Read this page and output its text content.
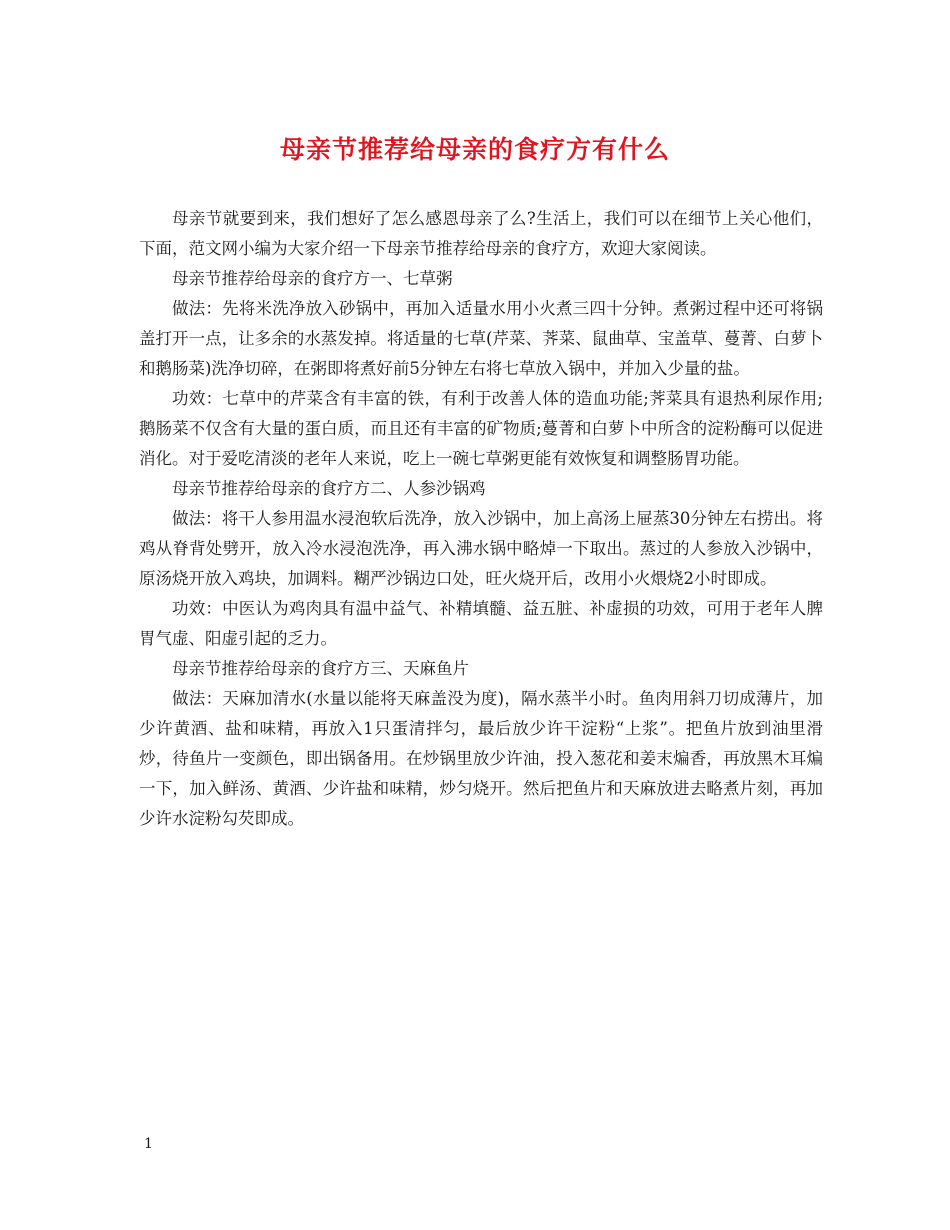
母亲节推荐给母亲的食疗方有什么

母亲节就要到来，我们想好了怎么感恩母亲了么?生活上，我们可以在细节上关心他们，下面，范文网小编为大家介绍一下母亲节推荐给母亲的食疗方，欢迎大家阅读。

母亲节推荐给母亲的食疗方一、七草粥

做法：先将米洗净放入砂锅中，再加入适量水用小火煮三四十分钟。煮粥过程中还可将锅盖打开一点，让多余的水蒸发掉。将适量的七草(芹菜、荠菜、鼠曲草、宝盖草、蔓菁、白萝卜和鹅肠菜)洗净切碎，在粥即将煮好前5分钟左右将七草放入锅中，并加入少量的盐。

功效：七草中的芹菜含有丰富的铁，有利于改善人体的造血功能;荠菜具有退热利尿作用;鹅肠菜不仅含有大量的蛋白质，而且还有丰富的矿物质;蔓菁和白萝卜中所含的淀粉酶可以促进消化。对于爱吃清淡的老年人来说，吃上一碗七草粥更能有效恢复和调整肠胃功能。

母亲节推荐给母亲的食疗方二、人参沙锅鸡

做法：将干人参用温水浸泡软后洗净，放入沙锅中，加上高汤上屉蒸30分钟左右捞出。将鸡从脊背处劈开，放入冷水浸泡洗净，再入沸水锅中略焯一下取出。蒸过的人参放入沙锅中，原汤烧开放入鸡块，加调料。糊严沙锅边口处，旺火烧开后，改用小火煨烧2小时即成。

功效：中医认为鸡肉具有温中益气、补精填髓、益五脏、补虚损的功效，可用于老年人脾胃气虚、阳虚引起的乏力。

母亲节推荐给母亲的食疗方三、天麻鱼片

做法：天麻加清水(水量以能将天麻盖没为度)，隔水蒸半小时。鱼肉用斜刀切成薄片，加少许黄酒、盐和味精，再放入1只蛋清拌匀，最后放少许干淀粉“上浆”。把鱼片放到油里滑炒，待鱼片一变颜色，即出锅备用。在炒锅里放少许油，投入葱花和姜末煸香，再放黑木耳煸一下，加入鲜汤、黄酒、少许盐和味精，炒匀烧开。然后把鱼片和天麻放进去略煮片刻，再加少许水淀粉勾芡即成。

1
